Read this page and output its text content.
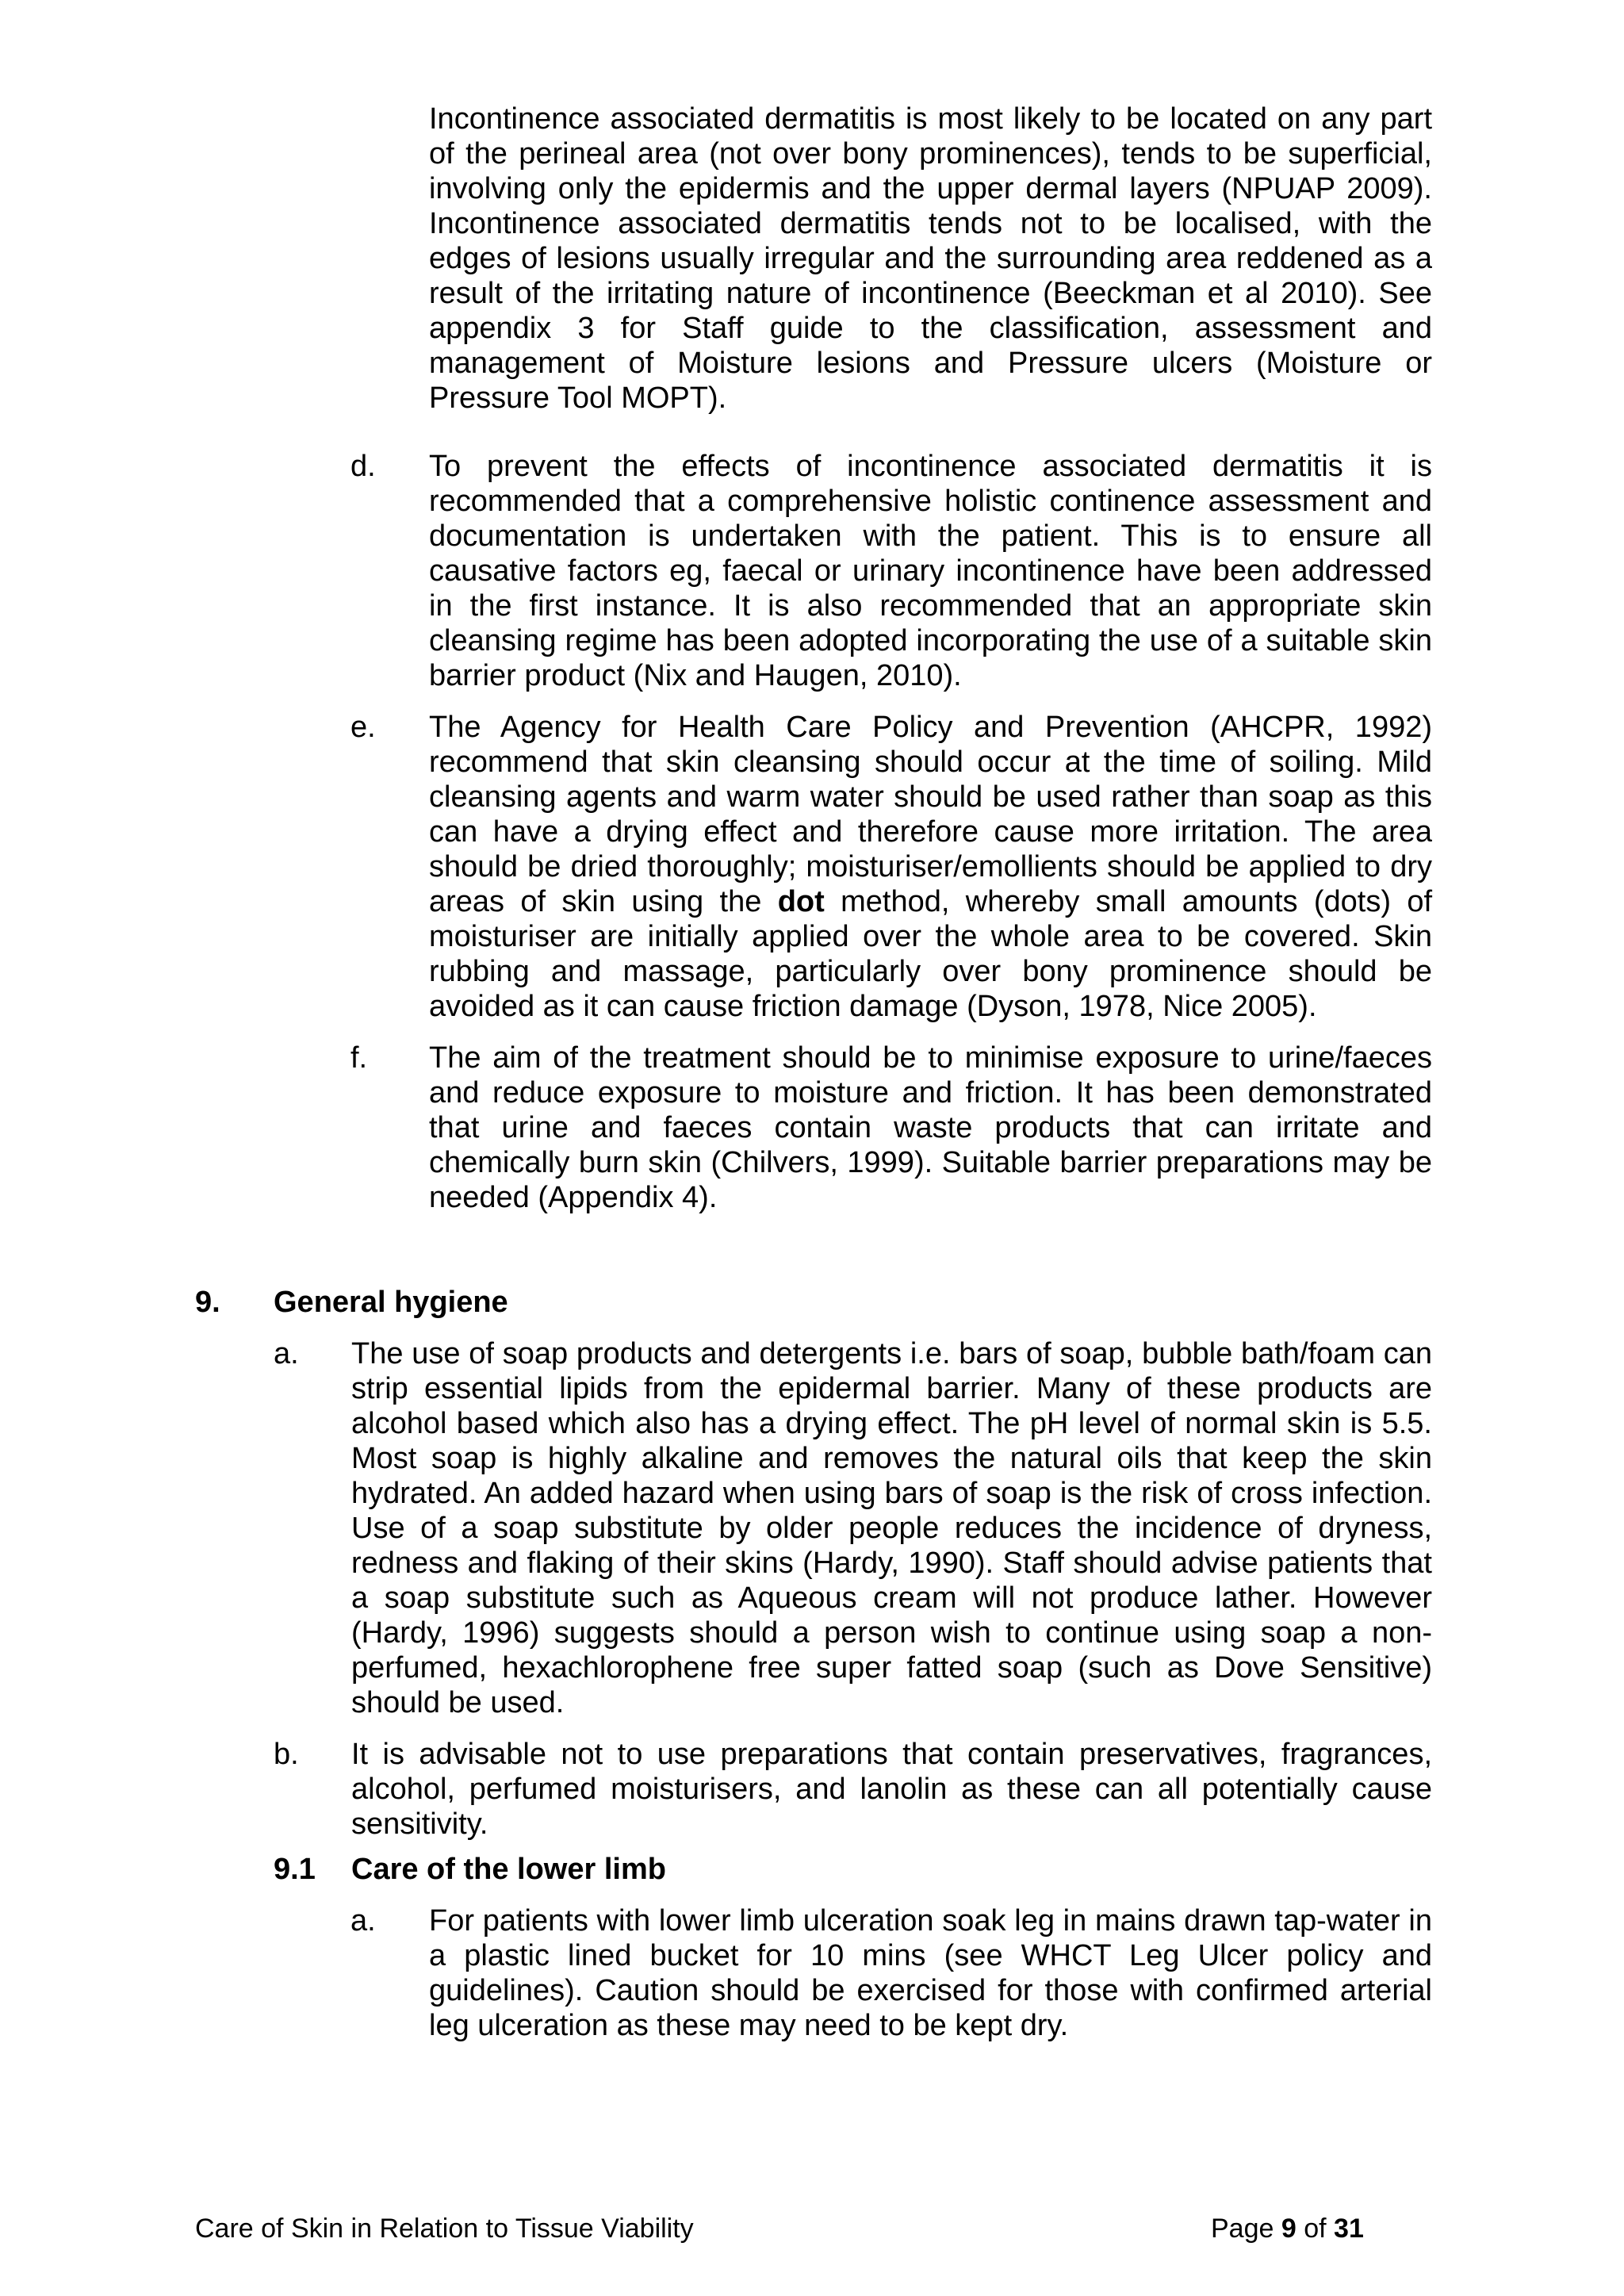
Incontinence associated dermatitis is most likely to be located on any part of the perineal area (not over bony prominences), tends to be superficial, involving only the epidermis and the upper dermal layers (NPUAP 2009). Incontinence associated dermatitis tends not to be localised, with the edges of lesions usually irregular and the surrounding area reddened as a result of the irritating nature of incontinence (Beeckman et al 2010). See appendix 3 for Staff guide to the classification, assessment and management of Moisture lesions and Pressure ulcers (Moisture or Pressure Tool MOPT).

d. To prevent the effects of incontinence associated dermatitis it is recommended that a comprehensive holistic continence assessment and documentation is undertaken with the patient. This is to ensure all causative factors eg, faecal or urinary incontinence have been addressed in the first instance. It is also recommended that an appropriate skin cleansing regime has been adopted incorporating the use of a suitable skin barrier product (Nix and Haugen, 2010).

e. The Agency for Health Care Policy and Prevention (AHCPR, 1992) recommend that skin cleansing should occur at the time of soiling. Mild cleansing agents and warm water should be used rather than soap as this can have a drying effect and therefore cause more irritation. The area should be dried thoroughly; moisturiser/emollients should be applied to dry areas of skin using the dot method, whereby small amounts (dots) of moisturiser are initially applied over the whole area to be covered. Skin rubbing and massage, particularly over bony prominence should be avoided as it can cause friction damage (Dyson, 1978, Nice 2005).

f. The aim of the treatment should be to minimise exposure to urine/faeces and reduce exposure to moisture and friction. It has been demonstrated that urine and faeces contain waste products that can irritate and chemically burn skin (Chilvers, 1999). Suitable barrier preparations may be needed (Appendix 4).

9. General hygiene
a. The use of soap products and detergents i.e. bars of soap, bubble bath/foam can strip essential lipids from the epidermal barrier. Many of these products are alcohol based which also has a drying effect. The pH level of normal skin is 5.5. Most soap is highly alkaline and removes the natural oils that keep the skin hydrated. An added hazard when using bars of soap is the risk of cross infection. Use of a soap substitute by older people reduces the incidence of dryness, redness and flaking of their skins (Hardy, 1990). Staff should advise patients that a soap substitute such as Aqueous cream will not produce lather. However (Hardy, 1996) suggests should a person wish to continue using soap a non-perfumed, hexachlorophene free super fatted soap (such as Dove Sensitive) should be used.

b. It is advisable not to use preparations that contain preservatives, fragrances, alcohol, perfumed moisturisers, and lanolin as these can all potentially cause sensitivity.

9.1 Care of the lower limb
a. For patients with lower limb ulceration soak leg in mains drawn tap-water in a plastic lined bucket for 10 mins (see WHCT Leg Ulcer policy and guidelines). Caution should be exercised for those with confirmed arterial leg ulceration as these may need to be kept dry.

Care of Skin in Relation to Tissue Viability	Page 9 of 31
